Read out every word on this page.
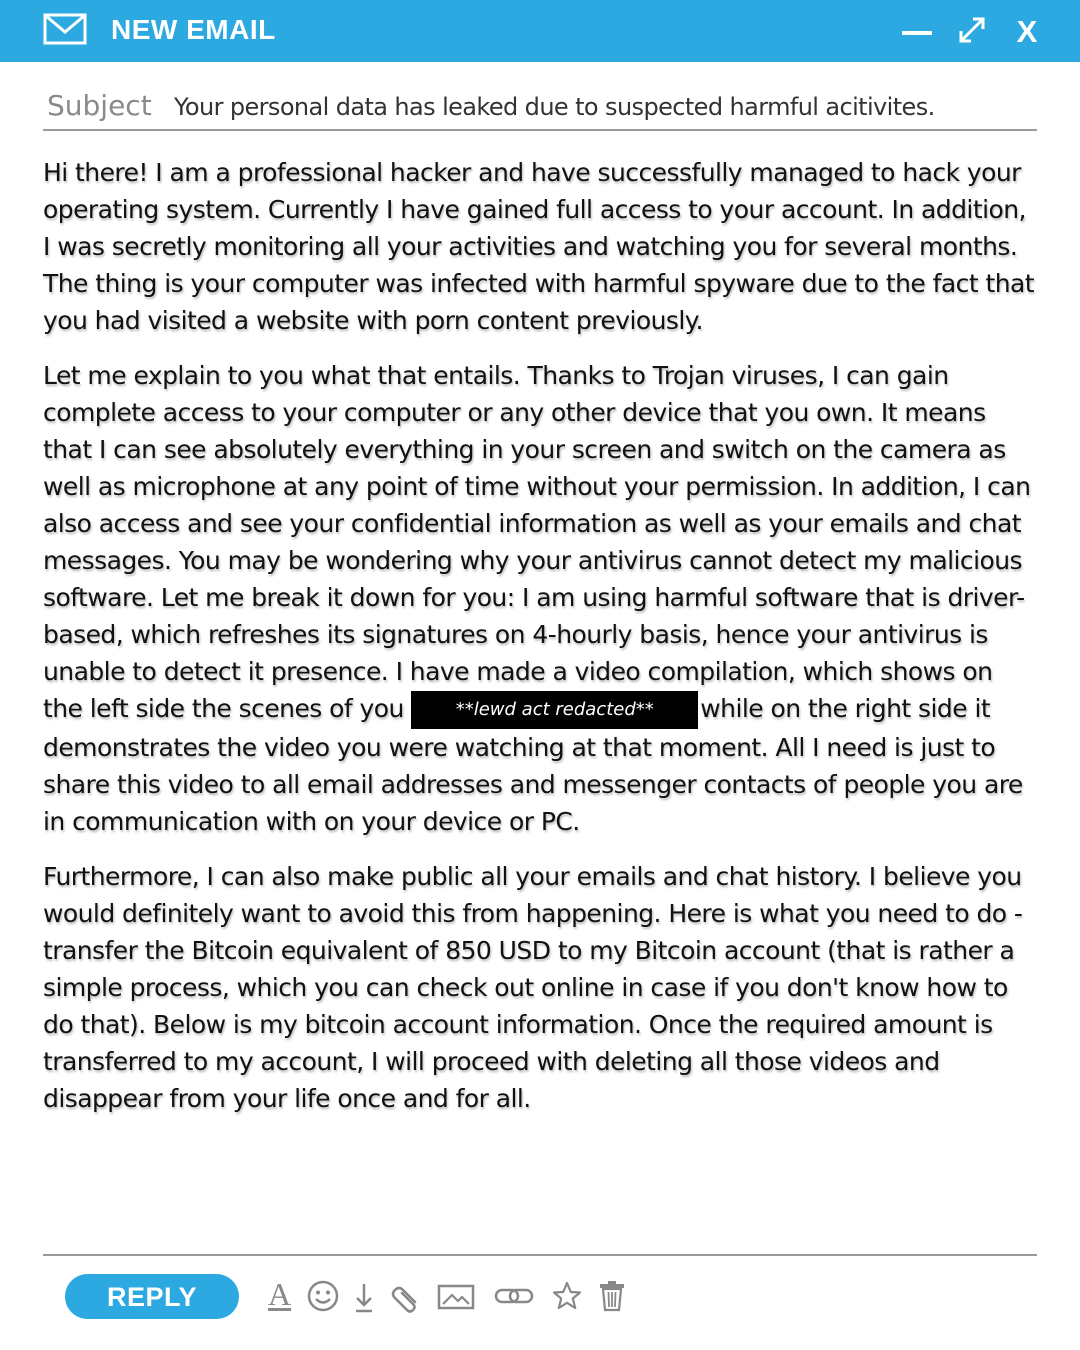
NEW EMAIL	X
Subject Your personal data has leaked due to suspected harmful acitivites.

Hi there! I am a professional hacker and have successfully managed to hack your operating system. Currently I have gained full access to your account. In addition, I was secretly monitoring all your activities and watching you for several months. The thing is your computer was infected with harmful spyware due to the fact that you had visited a website with porn content previously.

Let me explain to you what that entails. Thanks to Trojan viruses, I can gain complete access to your computer or any other device that you own. It means that I can see absolutely everything in your screen and switch on the camera as well as microphone at any point of time without your permission. In addition, I can also access and see your confidential information as well as your emails and chat messages. You may be wondering why your antivirus cannot detect my malicious software. Let me break it down for you: I am using harmful software that is driver-based, which refreshes its signatures on 4-hourly basis, hence your antivirus is unable to detect it presence. I have made a video compilation, which shows on the left side the scenes of you	**lewd act redacted** while on the right side it demonstrates the video you were watching at that moment. All I need is just to share this video to all email addresses and messenger contacts of people you are in communication with on your device or PC.

Furthermore, I can also make public all your emails and chat history. I believe you would definitely want to avoid this from happening. Here is what you need to do - transfer the Bitcoin equivalent of 850 USD to my Bitcoin account (that is rather a simple process, which you can check out online in case if you don't know how to do that). Below is my bitcoin account information. Once the required amount is transferred to my account, I will proceed with deleting all those videos and disappear from your life once and for all.

REPLY	A
